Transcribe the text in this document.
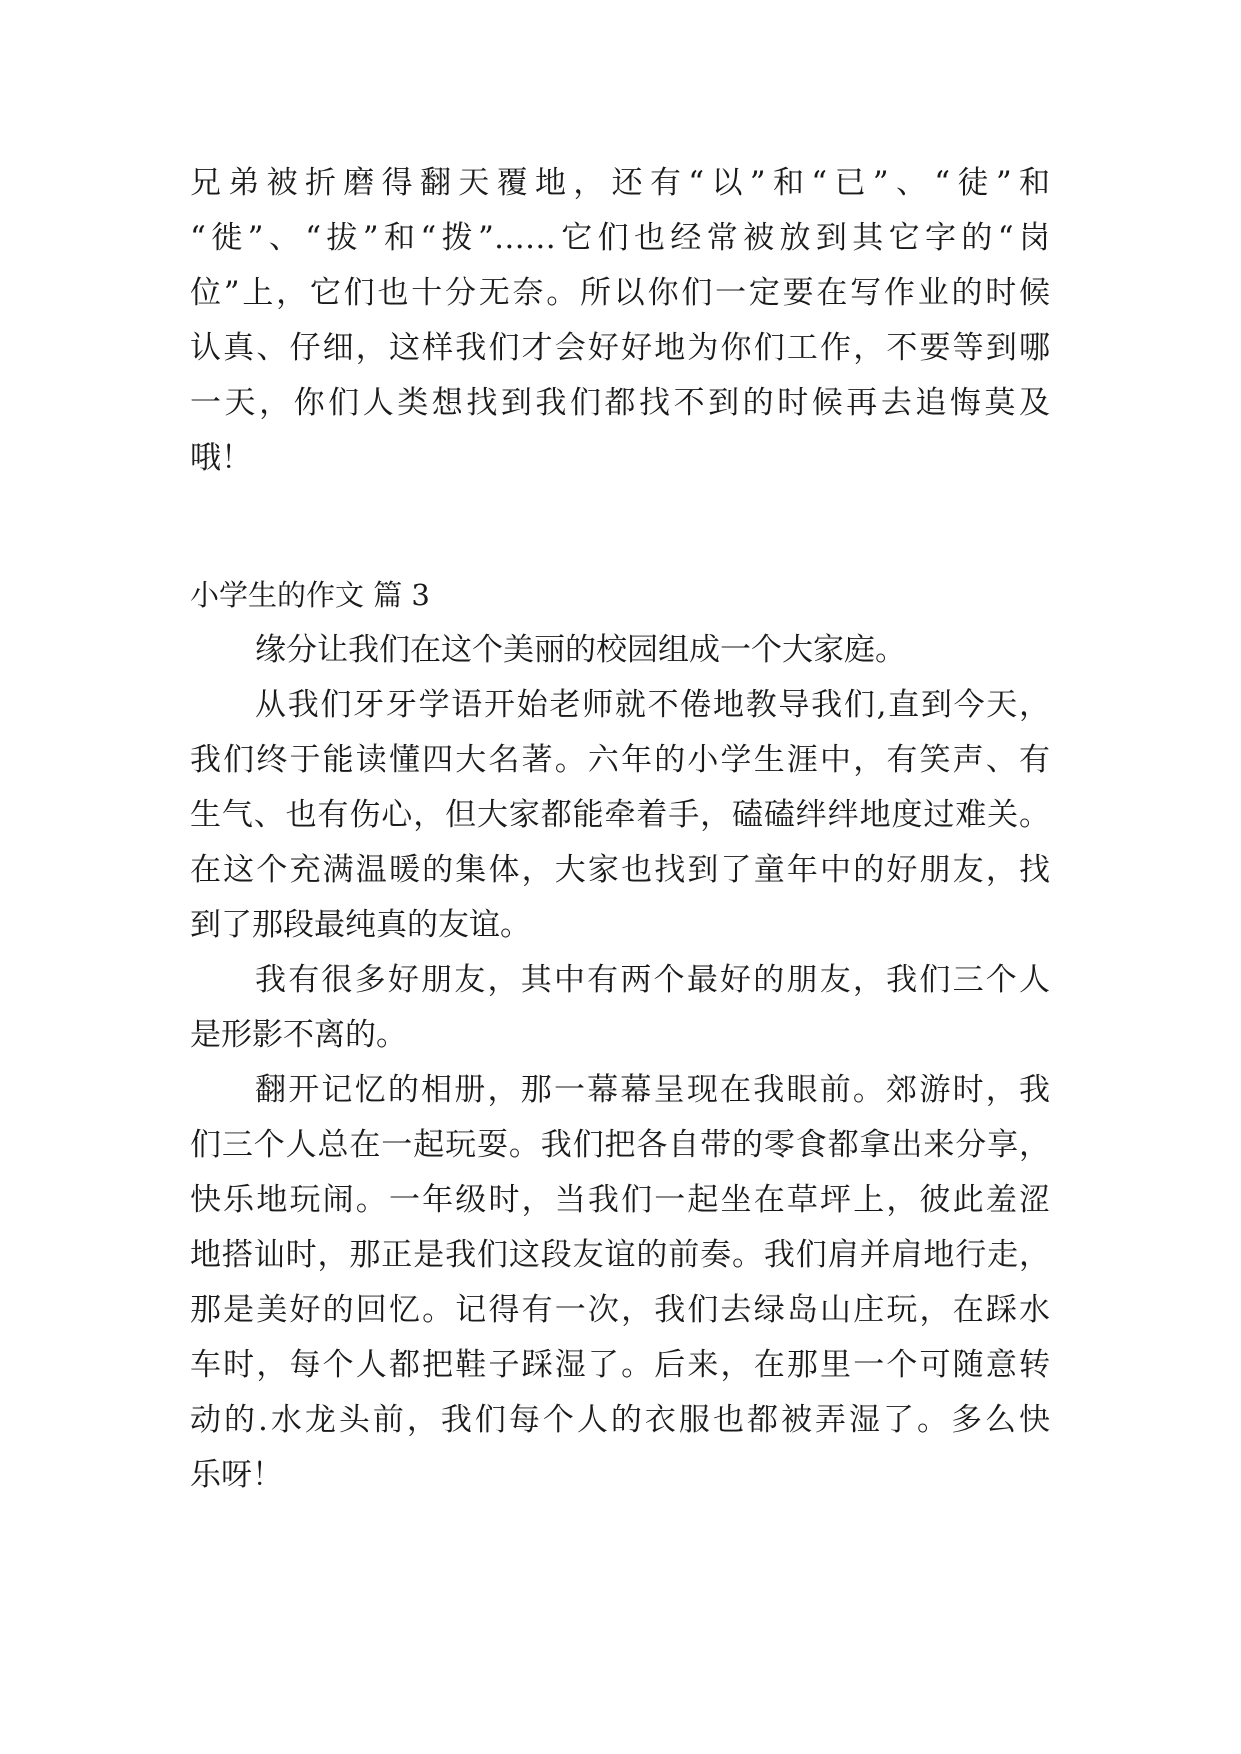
兄弟被折磨得翻天覆地，还有“以”和“已”、“徒”和
“徙”、“拔”和“拨”……它们也经常被放到其它字的“岗
位”上，它们也十分无奈。所以你们一定要在写作业的时候
认真、仔细，这样我们才会好好地为你们工作，不要等到哪
一天，你们人类想找到我们都找不到的时候再去追悔莫及
哦！
小学生的作文 篇 3
缘分让我们在这个美丽的校园组成一个大家庭。
从我们牙牙学语开始老师就不倦地教导我们,直到今天，
我们终于能读懂四大名著。六年的小学生涯中，有笑声、有
生气、也有伤心，但大家都能牵着手，磕磕绊绊地度过难关。
在这个充满温暖的集体，大家也找到了童年中的好朋友，找
到了那段最纯真的友谊。
我有很多好朋友，其中有两个最好的朋友，我们三个人
是形影不离的。
翻开记忆的相册，那一幕幕呈现在我眼前。郊游时，我
们三个人总在一起玩耍。我们把各自带的零食都拿出来分享，
快乐地玩闹。一年级时，当我们一起坐在草坪上，彼此羞涩
地搭讪时，那正是我们这段友谊的前奏。我们肩并肩地行走，
那是美好的回忆。记得有一次，我们去绿岛山庄玩，在踩水
车时，每个人都把鞋子踩湿了。后来，在那里一个可随意转
动的.水龙头前，我们每个人的衣服也都被弄湿了。多么快
乐呀！
